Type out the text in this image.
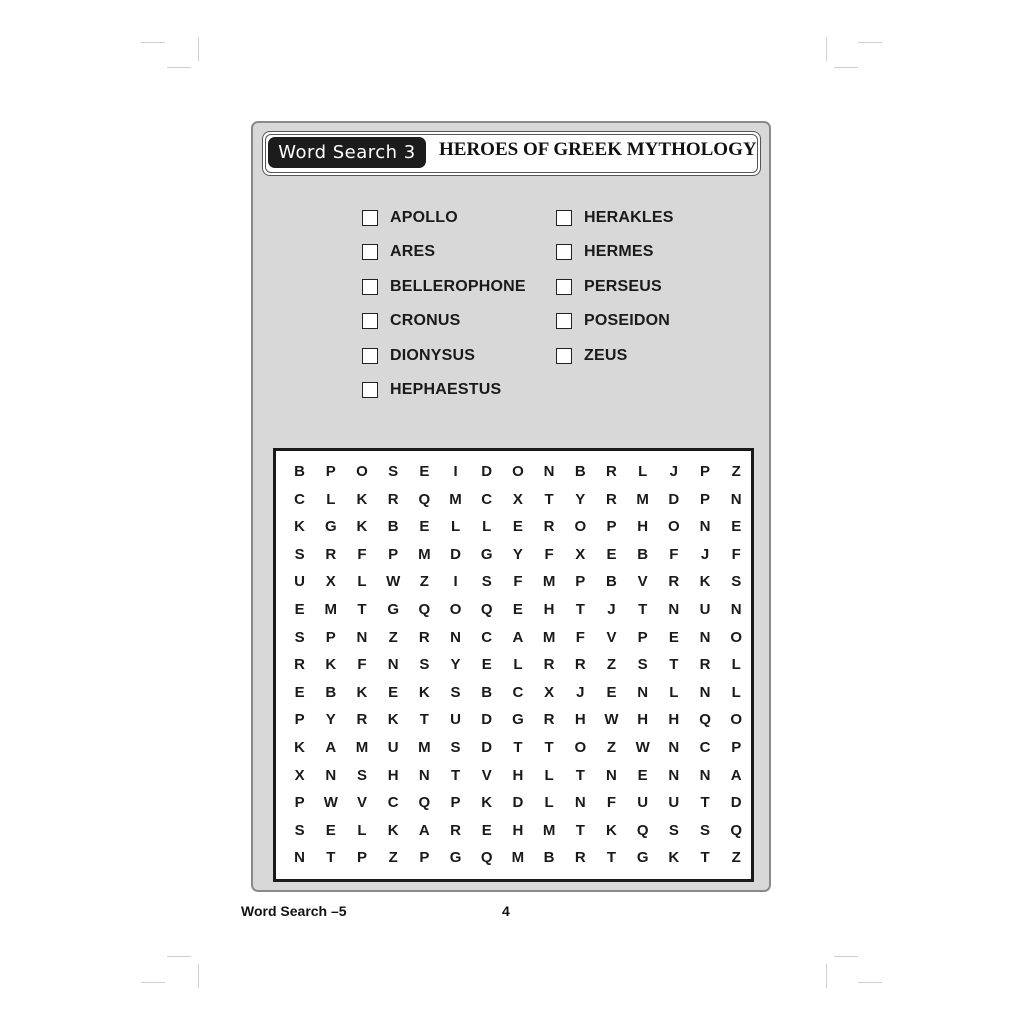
Word Search 3	HEROES OF GREEK MYTHOLOGY
APOLLO
ARES
BELLEROPHONE
CRONUS
DIONYSUS
HEPHAESTUS
HERAKLES
HERMES
PERSEUS
POSEIDON
ZEUS
B	P	O	S	E	I	D	O	N	B	R	L	J	P	Z
C	L	K	R	Q	M	C	X	T	Y	R	M	D	P	N
K	G	K	B	E	L	L	E	R	O	P	H	O	N	E
S	R	F	P	M	D	G	Y	F	X	E	B	F	J	F
U	X	L	W	Z	I	S	F	M	P	B	V	R	K	S
E	M	T	G	Q	O	Q	E	H	T	J	T	N	U	N
S	P	N	Z	R	N	C	A	M	F	V	P	E	N	O
R	K	F	N	S	Y	E	L	R	R	Z	S	T	R	L
E	B	K	E	K	S	B	C	X	J	E	N	L	N	L
P	Y	R	K	T	U	D	G	R	H	W	H	H	Q	O
K	A	M	U	M	S	D	T	T	O	Z	W	N	C	P
X	N	S	H	N	T	V	H	L	T	N	E	N	N	A
P	W	V	C	Q	P	K	D	L	N	F	U	U	T	D
S	E	L	K	A	R	E	H	M	T	K	Q	S	S	Q
N	T	P	Z	P	G	Q	M	B	R	T	G	K	T	Z
Word Search –5	4
